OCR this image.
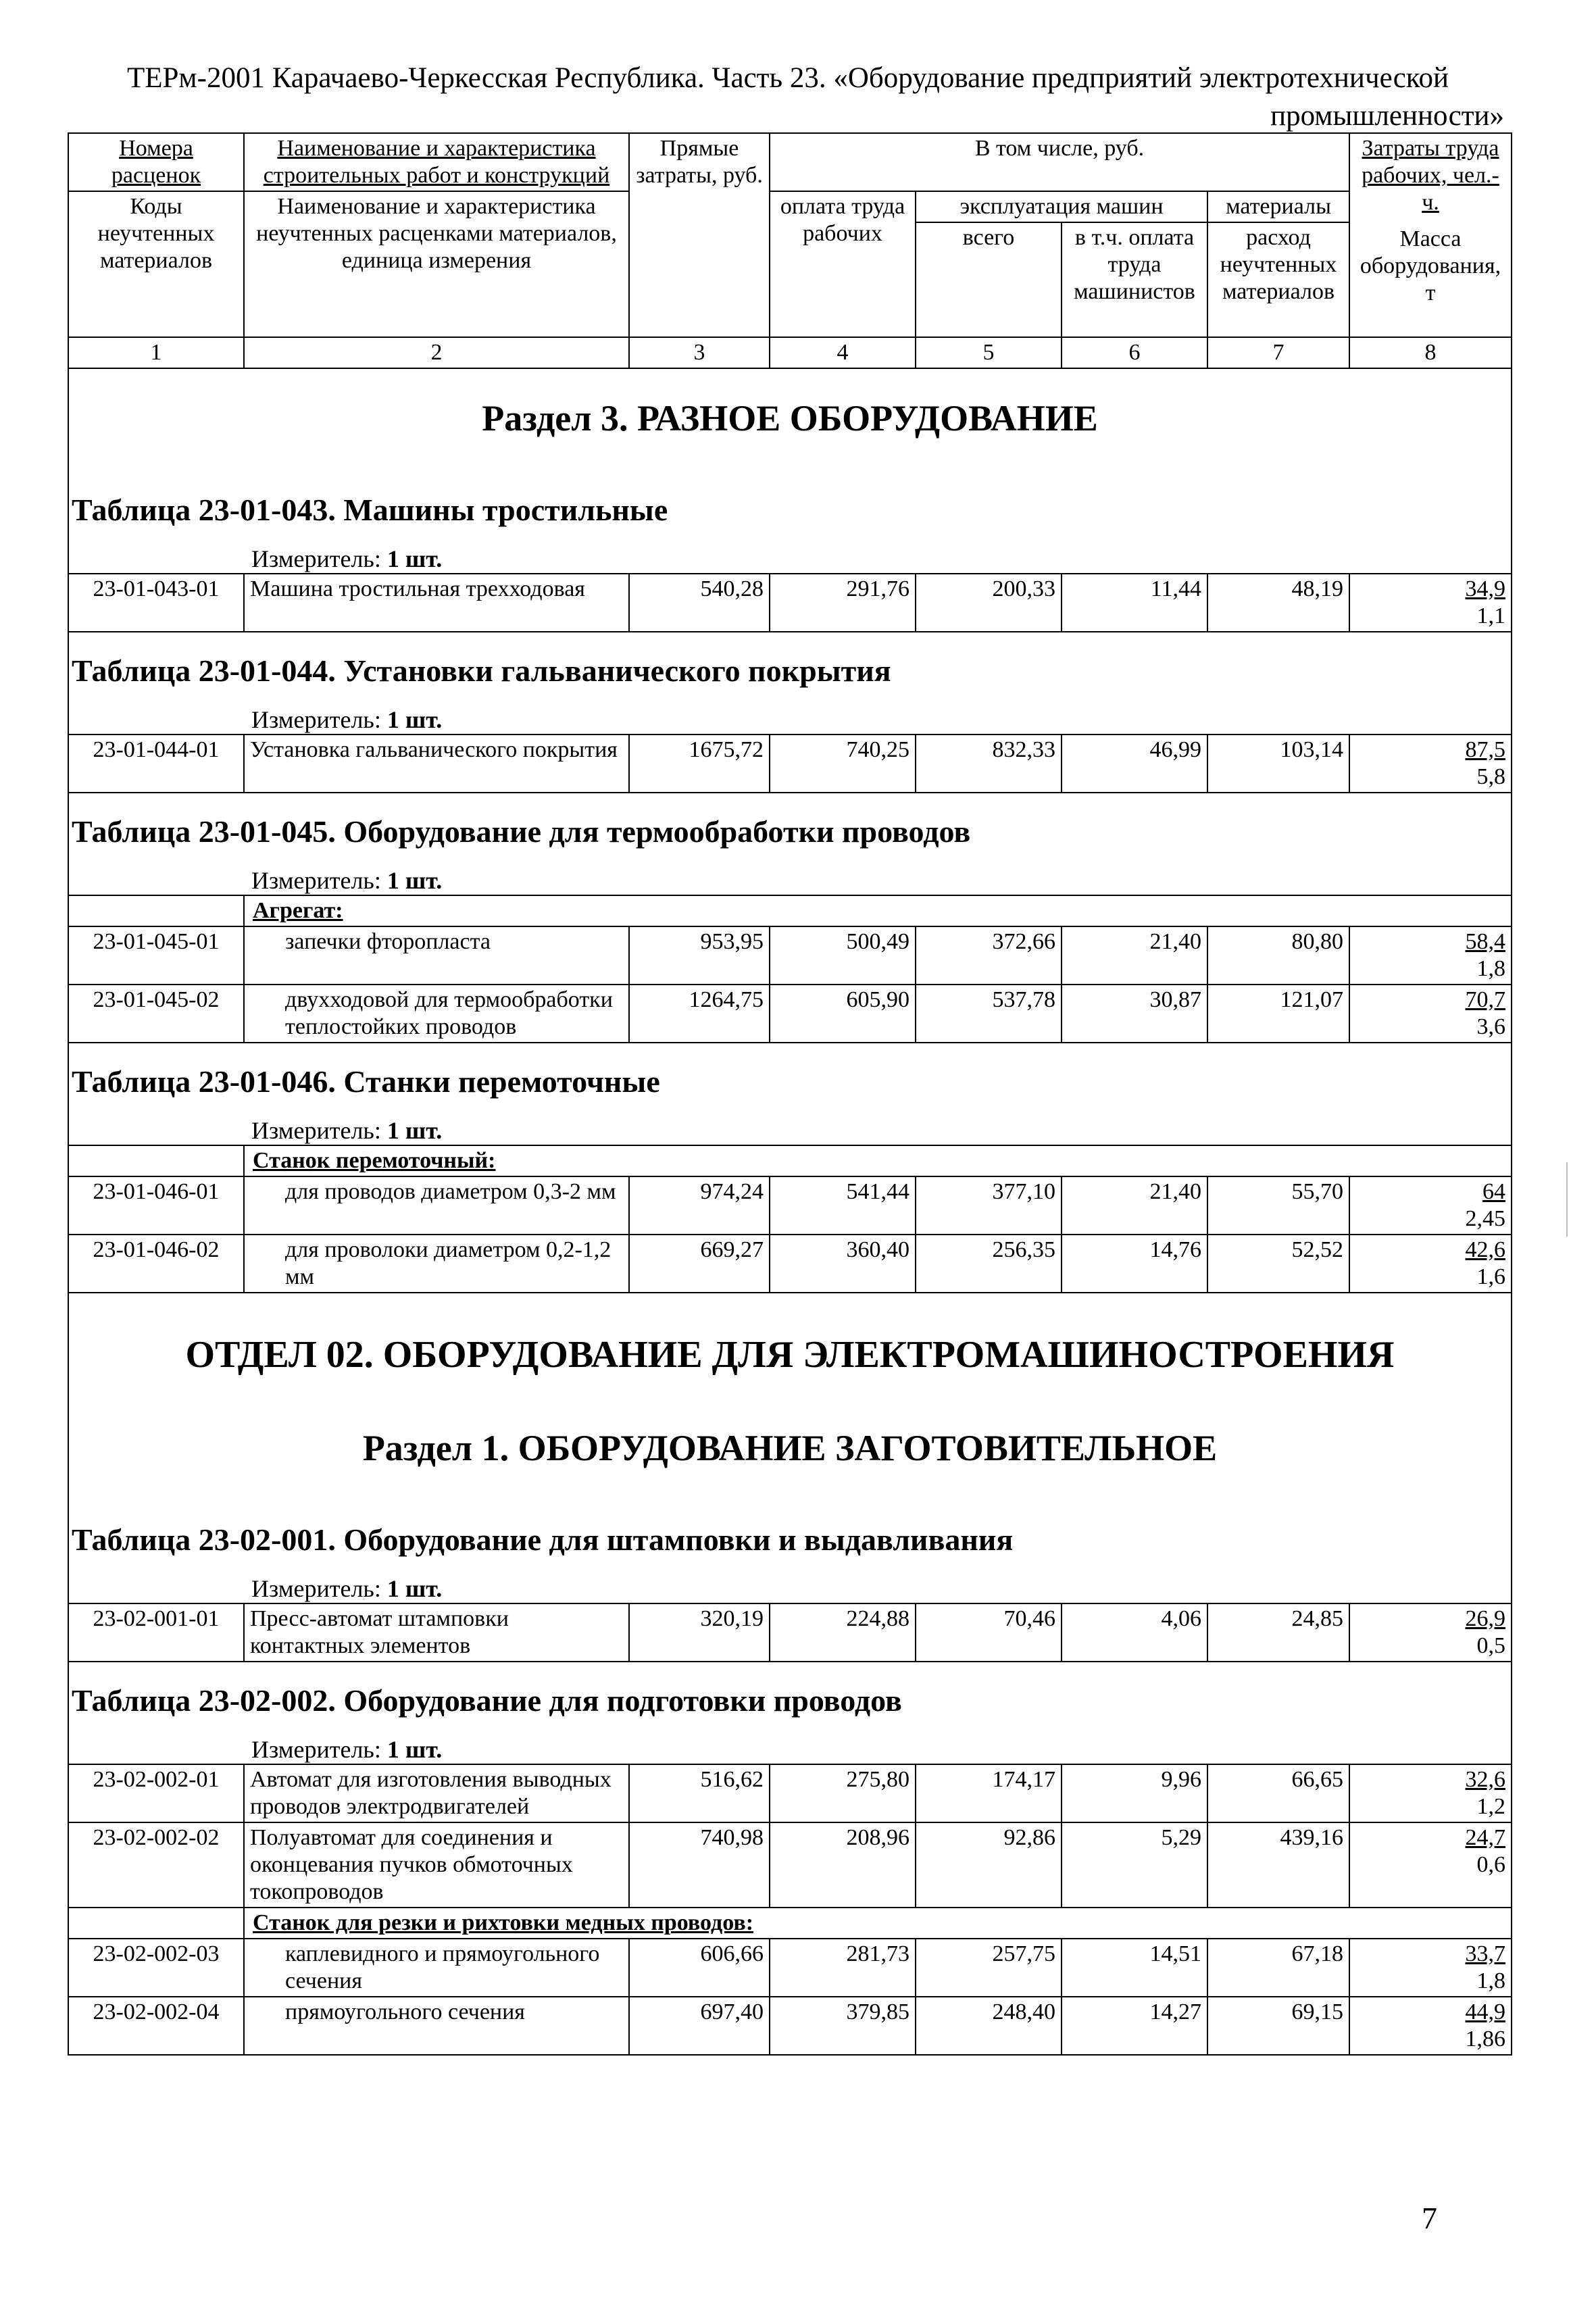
ТЕРм-2001 Карачаево-Черкесская Республика. Часть 23. «Оборудование предприятий электротехнической
промышленности»
Номера расценок	Наименование и характеристика строительных работ и конструкций	Прямые затраты, руб.	В том числе, руб.				Затраты труда рабочих, чел.-ч.
Масса оборудования, т

Коды неучтенных материалов	Наименование и характеристика неучтенных расценками материалов, единица измерения		оплата труда рабочих	эксплуатация машин		материалы	
				всего	в т.ч. оплата труда машинистов	расход неучтенных материалов	
1	2	3	4	5	6	7	8
Раздел 3. РАЗНОЕ ОБОРУДОВАНИЕ							
Таблица 23-01-043. Машины тростильные							
Измеритель: 1 шт.							
23-01-043-01	Машина тростильная трехходовая	540,28	291,76	200,33	11,44	48,19	34,9
1,1

Таблица 23-01-044. Установки гальванического покрытия							
Измеритель: 1 шт.							
23-01-044-01	Установка гальванического покрытия	1675,72	740,25	832,33	46,99	103,14	87,5
5,8

Таблица 23-01-045. Оборудование для термообработки проводов							
Измеритель: 1 шт.							
	Агрегат:						
23-01-045-01	запечки фторопласта	953,95	500,49	372,66	21,40	80,80	58,4
1,8

23-01-045-02	двухходовой для термообработки теплостойких проводов	1264,75	605,90	537,78	30,87	121,07	70,7
3,6

Таблица 23-01-046. Станки перемоточные							
Измеритель: 1 шт.							
	Станок перемоточный:						
23-01-046-01	для проводов диаметром 0,3-2 мм	974,24	541,44	377,10	21,40	55,70	64
2,45

23-01-046-02	для проволоки диаметром 0,2-1,2 мм	669,27	360,40	256,35	14,76	52,52	42,6
1,6

ОТДЕЛ 02. ОБОРУДОВАНИЕ ДЛЯ ЭЛЕКТРОМАШИНОСТРОЕНИЯ							
Раздел 1. ОБОРУДОВАНИЕ ЗАГОТОВИТЕЛЬНОЕ							
Таблица 23-02-001. Оборудование для штамповки и выдавливания							
Измеритель: 1 шт.							
23-02-001-01	Пресс-автомат штамповки контактных элементов	320,19	224,88	70,46	4,06	24,85	26,9
0,5

Таблица 23-02-002. Оборудование для подготовки проводов							
Измеритель: 1 шт.							
23-02-002-01	Автомат для изготовления выводных проводов электродвигателей	516,62	275,80	174,17	9,96	66,65	32,6
1,2

23-02-002-02	Полуавтомат для соединения и оконцевания пучков обмоточных токопроводов	740,98	208,96	92,86	5,29	439,16	24,7
0,6

	Станок для резки и рихтовки медных проводов:						
23-02-002-03	каплевидного и прямоугольного сечения	606,66	281,73	257,75	14,51	67,18	33,7
1,8

23-02-002-04	прямоугольного сечения	697,40	379,85	248,40	14,27	69,15	44,9
1,86
7
